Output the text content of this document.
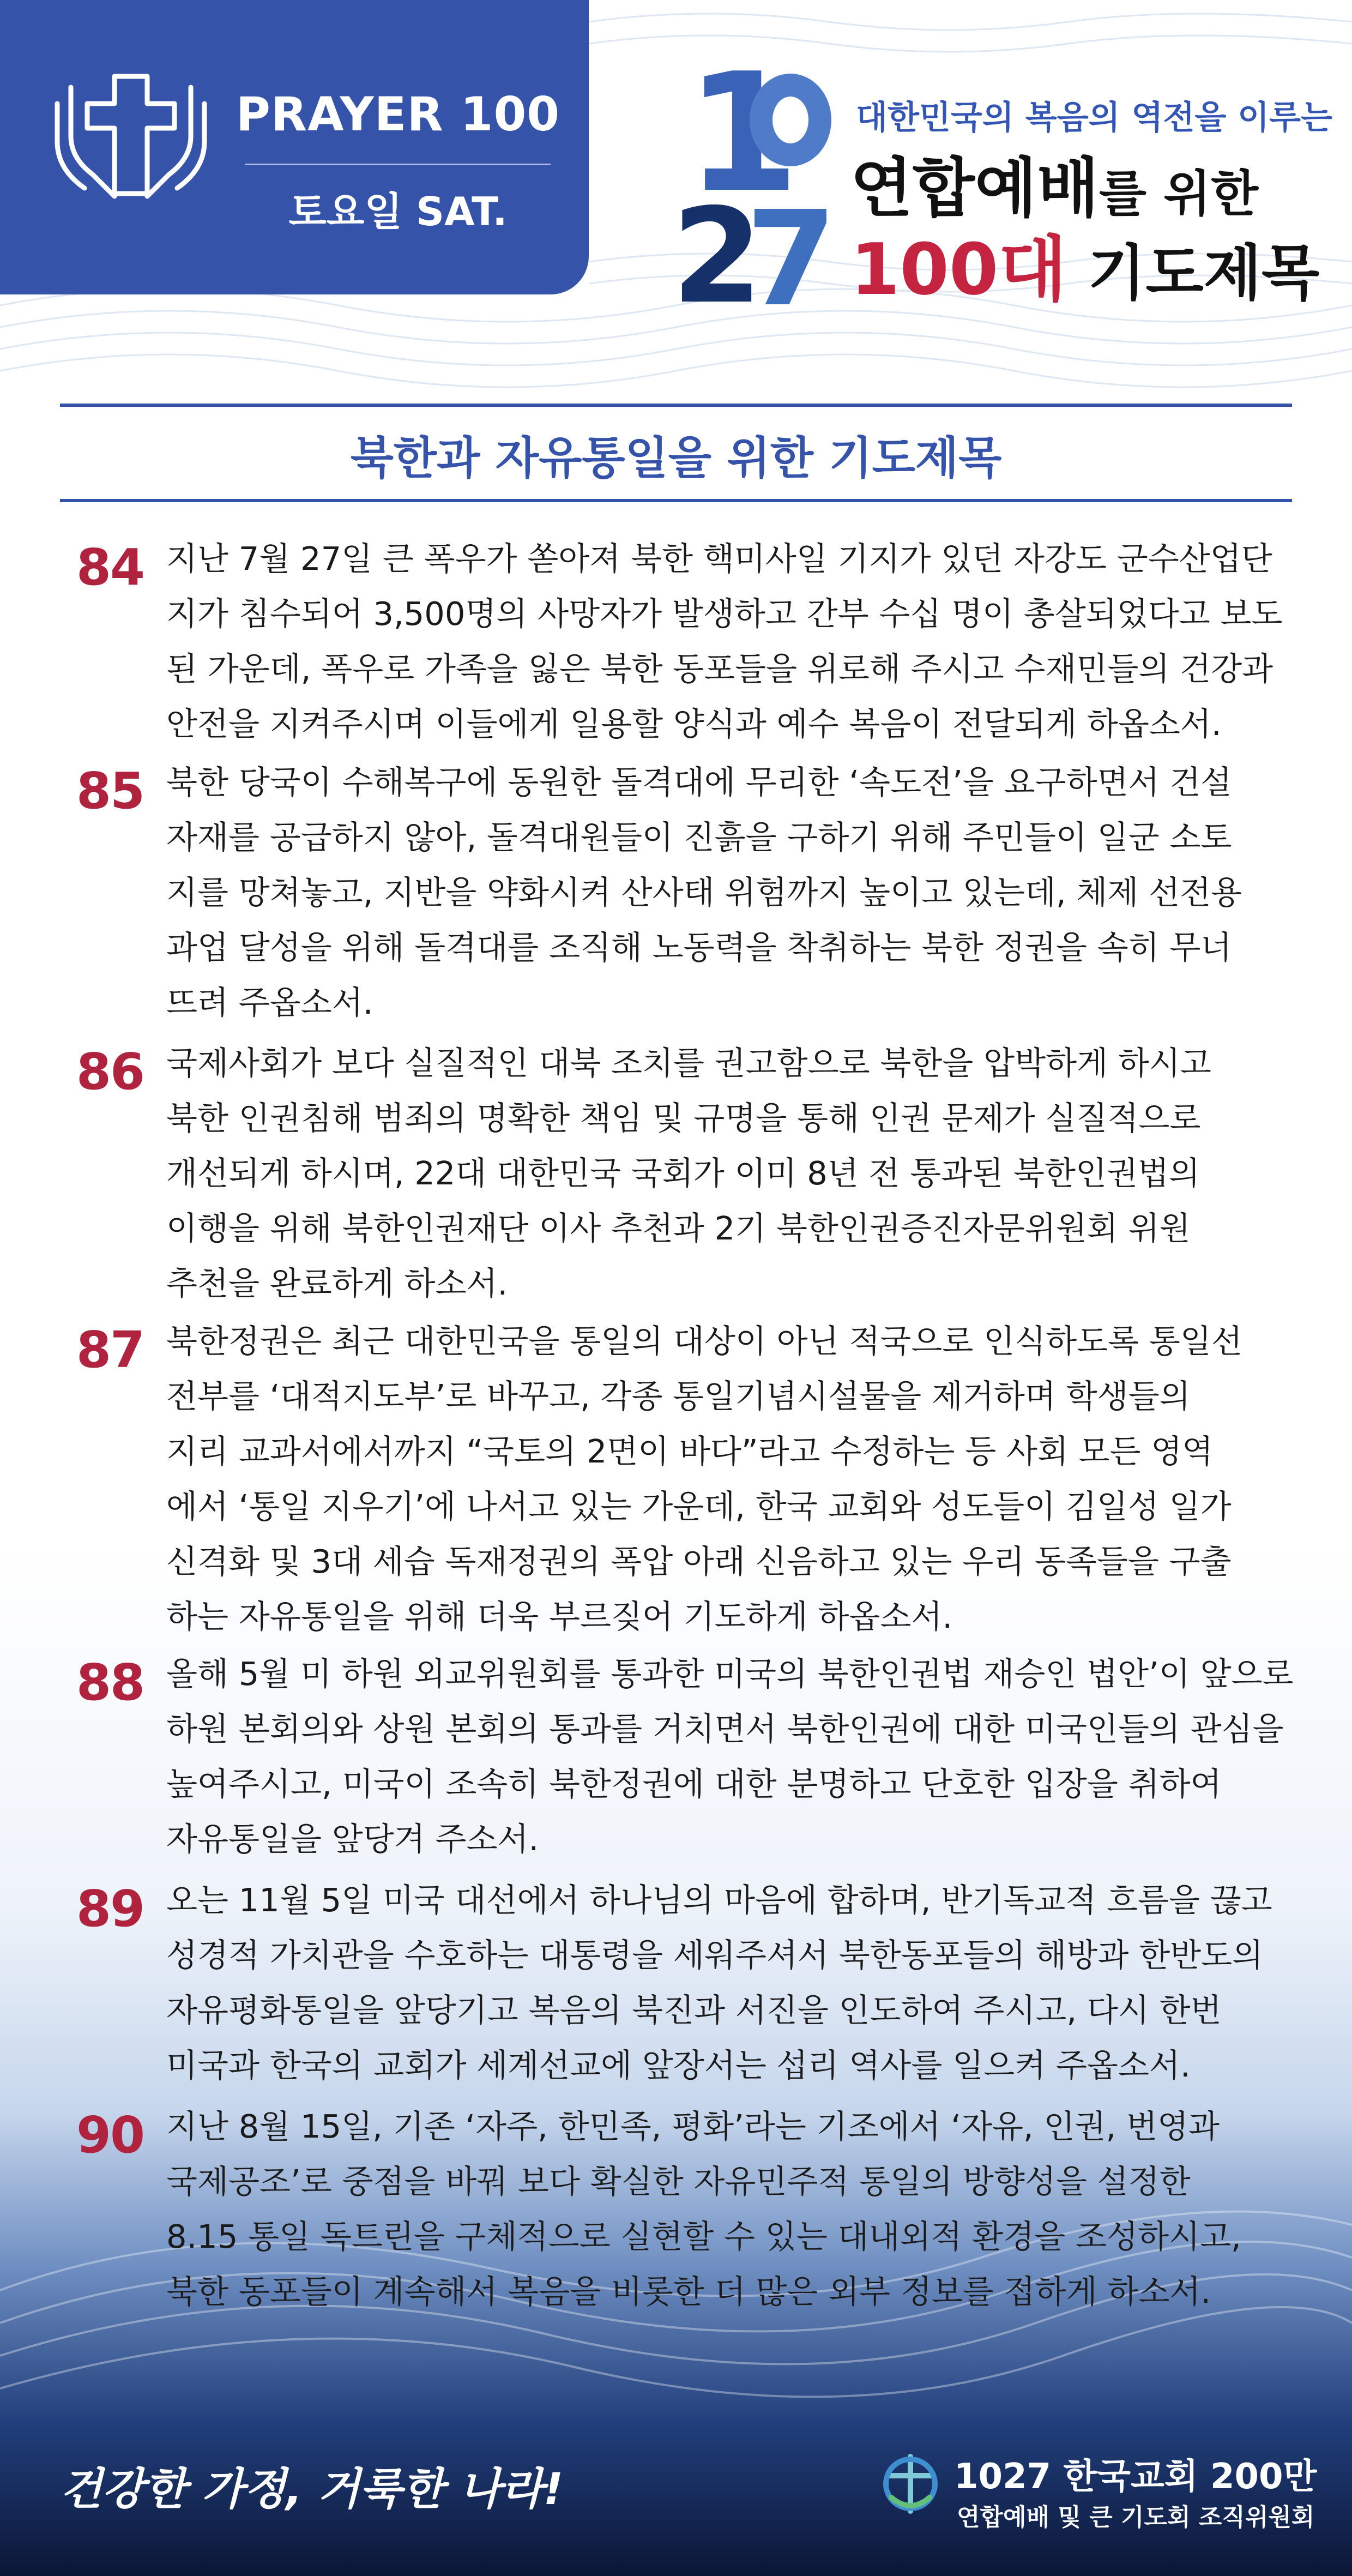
PRAYER 100
토요일 SAT.	1
2
7
대한민국의 복음의 역전을 이루는
연합예배를 위한
100대 기도제목
북한과 자유통일을 위한 기도제목
84 지난 7월 27일 큰 폭우가 쏟아져 북한 핵미사일 기지가 있던 자강도 군수산업단
지가 침수되어 3,500명의 사망자가 발생하고 간부 수십 명이 총살되었다고 보도
된 가운데, 폭우로 가족을 잃은 북한 동포들을 위로해 주시고 수재민들의 건강과
안전을 지켜주시며 이들에게 일용할 양식과 예수 복음이 전달되게 하옵소서.
85 북한 당국이 수해복구에 동원한 돌격대에 무리한 ‘속도전’을 요구하면서 건설
자재를 공급하지 않아, 돌격대원들이 진흙을 구하기 위해 주민들이 일군 소토
지를 망쳐놓고, 지반을 약화시켜 산사태 위험까지 높이고 있는데, 체제 선전용
과업 달성을 위해 돌격대를 조직해 노동력을 착취하는 북한 정권을 속히 무너
뜨려 주옵소서.
86 국제사회가 보다 실질적인 대북 조치를 권고함으로 북한을 압박하게 하시고
북한 인권침해 범죄의 명확한 책임 및 규명을 통해 인권 문제가 실질적으로
개선되게 하시며, 22대 대한민국 국회가 이미 8년 전 통과된 북한인권법의
이행을 위해 북한인권재단 이사 추천과 2기 북한인권증진자문위원회 위원
추천을 완료하게 하소서.
87 북한정권은 최근 대한민국을 통일의 대상이 아닌 적국으로 인식하도록 통일선
전부를 ‘대적지도부’로 바꾸고, 각종 통일기념시설물을 제거하며 학생들의
지리 교과서에서까지 “국토의 2면이 바다”라고 수정하는 등 사회 모든 영역
에서 ‘통일 지우기’에 나서고 있는 가운데, 한국 교회와 성도들이 김일성 일가
신격화 및 3대 세습 독재정권의 폭압 아래 신음하고 있는 우리 동족들을 구출
하는 자유통일을 위해 더욱 부르짖어 기도하게 하옵소서.
88 올해 5월 미 하원 외교위원회를 통과한 미국의 북한인권법 재승인 법안’이 앞으로
하원 본회의와 상원 본회의 통과를 거치면서 북한인권에 대한 미국인들의 관심을
높여주시고, 미국이 조속히 북한정권에 대한 분명하고 단호한 입장을 취하여
자유통일을 앞당겨 주소서.
89 오는 11월 5일 미국 대선에서 하나님의 마음에 합하며, 반기독교적 흐름을 끊고
성경적 가치관을 수호하는 대통령을 세워주셔서 북한동포들의 해방과 한반도의
자유평화통일을 앞당기고 복음의 북진과 서진을 인도하여 주시고, 다시 한번
미국과 한국의 교회가 세계선교에 앞장서는 섭리 역사를 일으켜 주옵소서.
90 지난 8월 15일, 기존 ‘자주, 한민족, 평화’라는 기조에서 ‘자유, 인권, 번영과
국제공조’로 중점을 바꿔 보다 확실한 자유민주적 통일의 방향성을 설정한
8.15 통일 독트린을 구체적으로 실현할 수 있는 대내외적 환경을 조성하시고,
북한 동포들이 계속해서 복음을 비롯한 더 많은 외부 정보를 접하게 하소서.
건강한 가정, 거룩한 나라!	1027 한국교회 200만
연합예배 및 큰 기도회 조직위원회
